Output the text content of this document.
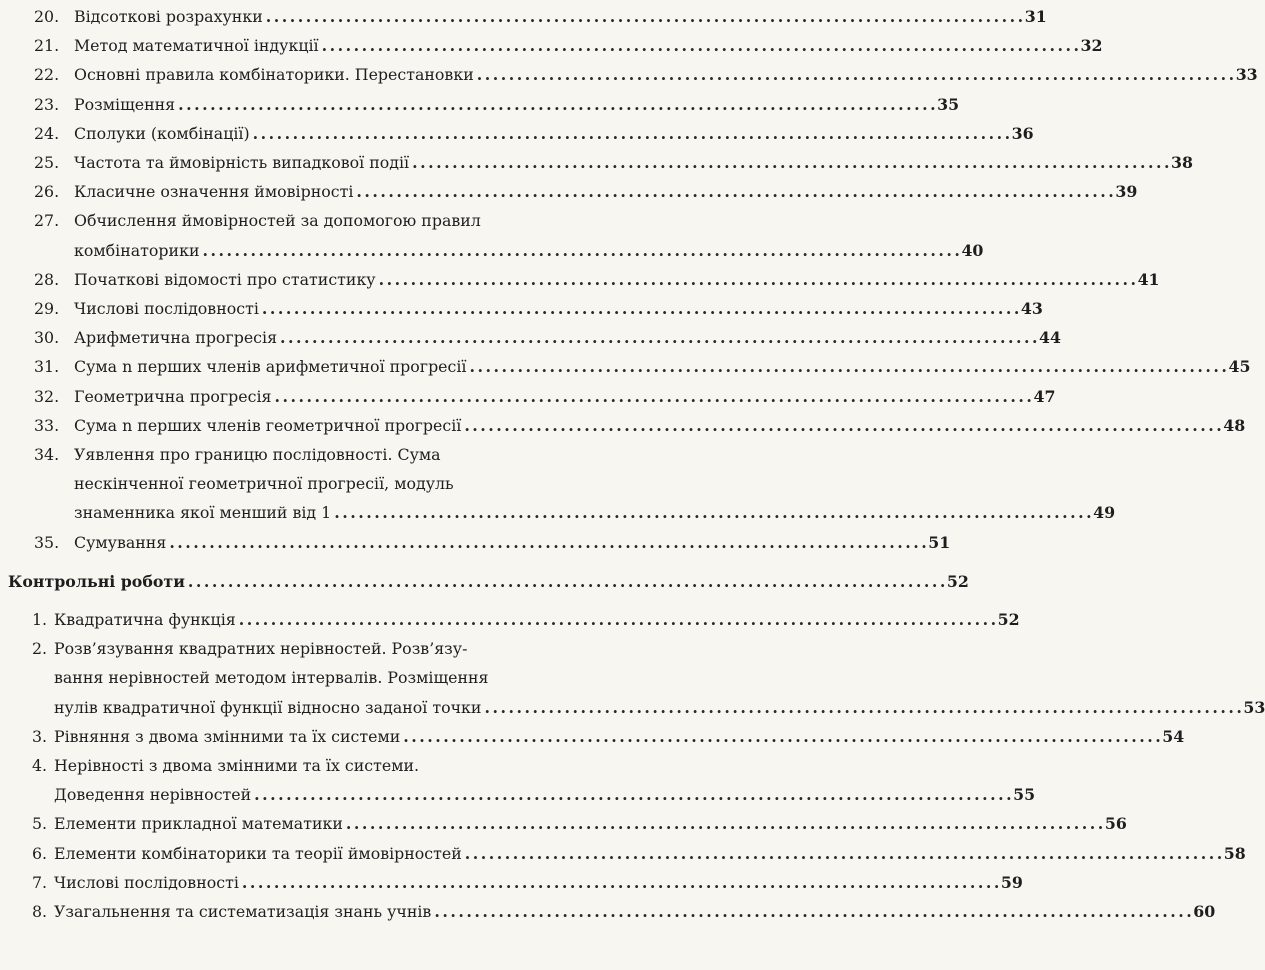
20. Відсоткові розрахунки . . .	31
21. Метод математичної індукції . . .	32
22. Основні правила комбінаторики. Перестановки . . .	33
23. Розміщення . . .	35
24. Сполуки (комбінації) . . .	36
25. Частота та ймовірність випадкової події . . .	38
26. Класичне означення ймовірності . . .	39
27. Обчислення ймовірностей за допомогою правил
комбінаторики . . .	40
28. Початкові відомості про статистику . . .	41
29. Числові послідовності . . .	43
30. Арифметична прогресія . . .	44
31. Сума n перших членів арифметичної прогресії . . .	45
32. Геометрична прогресія . . .	47
33. Сума n перших членів геометричної прогресії . . .	48
34. Уявлення про границю послідовності. Сума
нескінченної геометричної прогресії, модуль
знаменника якої менший від 1 . . .	49
35. Сумування . . .	51
Контрольні роботи . . .	52
1. Квадратична функція . . .	52
2. Розв’язування квадратних нерівностей. Розв’язу-
вання нерівностей методом інтервалів. Розміщення
нулів квадратичної функції відносно заданої точки . . .	53
3. Рівняння з двома змінними та їх системи . . .	54
4. Нерівності з двома змінними та їх системи.
Доведення нерівностей . . .	55
5. Елементи прикладної математики . . .	56
6. Елементи комбінаторики та теорії ймовірностей . . .	58
7. Числові послідовності . . .	59
8. Узагальнення та систематизація знань учнів . . .	60
